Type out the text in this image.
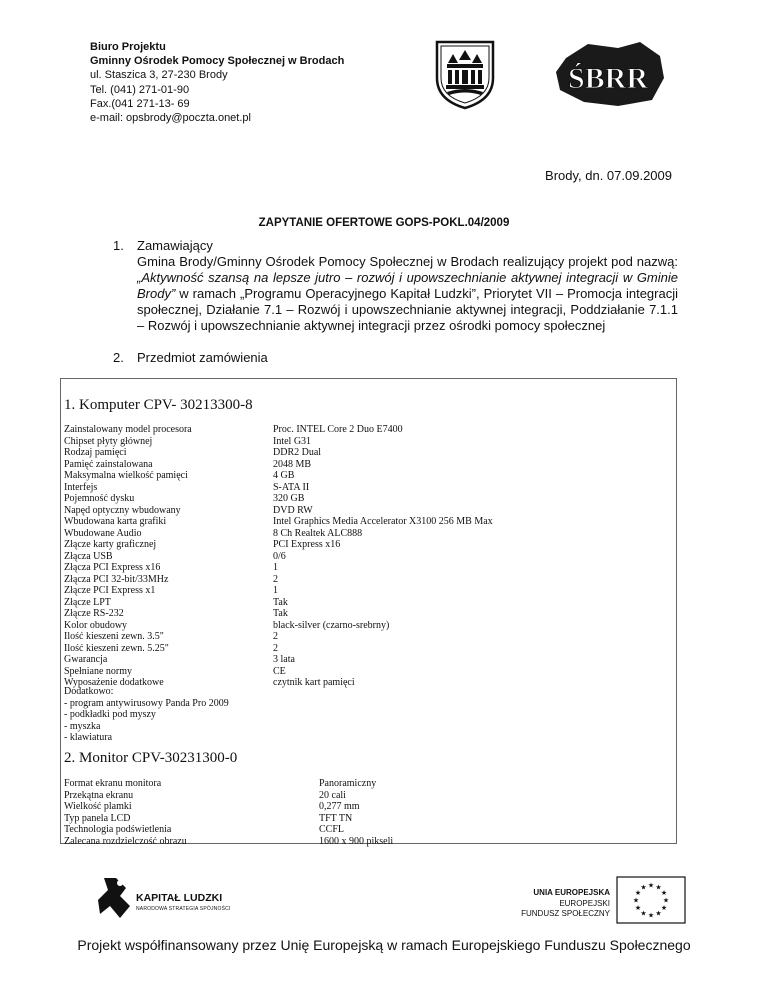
Biuro Projektu
Gminny Ośrodek Pomocy Społecznej w Brodach
ul. Staszica 3, 27-230 Brody
Tel. (041) 271-01-90
Fax.(041 271-13- 69
e-mail: opsbrody@poczta.onet.pl
ŚBRR
Brody, dn. 07.09.2009
ZAPYTANIE OFERTOWE GOPS-POKL.04/2009
1. Zamawiający
Gmina Brody/Gminny Ośrodek Pomocy Społecznej w Brodach realizujący projekt pod nazwą: „Aktywność szansą na lepsze jutro – rozwój i upowszechnianie aktywnej integracji w Gminie Brody” w ramach „Programu Operacyjnego Kapitał Ludzki”, Priorytet VII – Promocja integracji społecznej, Działanie 7.1 – Rozwój i upowszechnianie aktywnej integracji, Poddziałanie 7.1.1 – Rozwój i upowszechnianie aktywnej integracji przez ośrodki pomocy społecznej
2. Przedmiot zamówienia
1. Komputer CPV- 30213300-8
Zainstalowany model procesora
Chipset płyty głównej
Rodzaj pamięci
Pamięć zainstalowana
Maksymalna wielkość pamięci
Interfejs
Pojemność dysku
Napęd optyczny wbudowany
Wbudowana karta grafiki
Wbudowane Audio
Złącze karty graficznej
Złącza USB
Złącza PCI Express x16
Złącza PCI 32-bit/33MHz
Złącze PCI Express x1
Złącze LPT
Złącze RS-232
Kolor obudowy
Ilość kieszeni zewn. 3.5"
Ilość kieszeni zewn. 5.25"
Gwarancja
Spełniane normy
Wyposażenie dodatkowe
Proc. INTEL Core 2 Duo E7400
Intel G31
DDR2 Dual
2048 MB
4 GB
S-ATA II
320 GB
DVD RW
Intel Graphics Media Accelerator X3100 256 MB Max
8 Ch Realtek ALC888
PCI Express x16
0/6
1
2
1
Tak
Tak
black-silver (czarno-srebrny)
2
2
3 lata
CE
czytnik kart pamięci
Dodatkowo:
- program antywirusowy Panda Pro 2009
- podkładki pod myszy
- myszka
- klawiatura
2. Monitor CPV-30231300-0
Format ekranu monitora
Przekątna ekranu
Wielkość plamki
Typ panela LCD
Technologia podświetlenia
Zalecana rozdzielczość obrazu
Panoramiczny
20 cali
0,277 mm
TFT TN
CCFL
1600 x 900 pikseli
KAPITAŁ LUDZKI
NARODOWA STRATEGIA SPÓJNOŚCI
UNIA EUROPEJSKA
EUROPEJSKI
FUNDUSZ SPOŁECZNY
★
★
★
★
★
★
★
★
★ ★ ★
★
Projekt współfinansowany przez Unię Europejską w ramach Europejskiego Funduszu Społecznego
